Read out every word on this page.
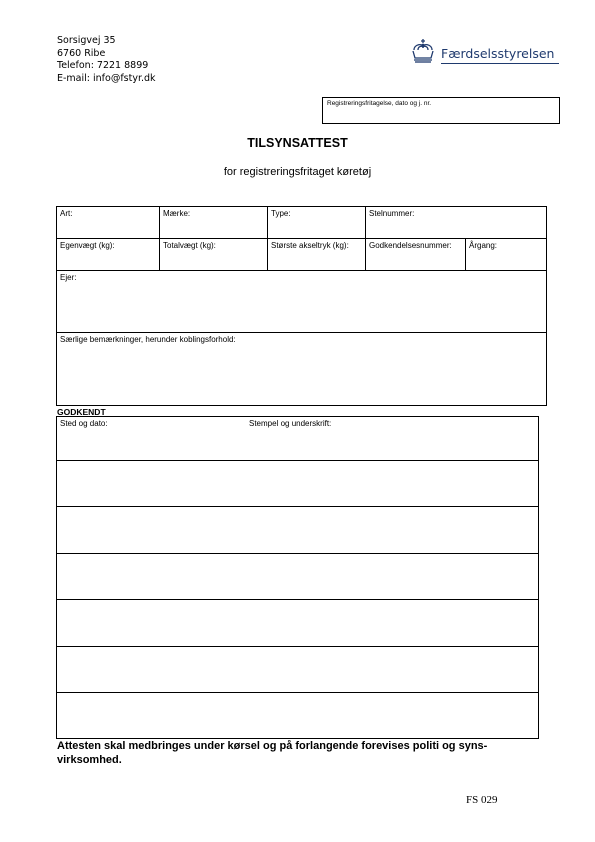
Sorsigvej 35
6760 Ribe
Telefon: 7221 8899
E-mail: info@fstyr.dk
Færdselsstyrelsen
Registreringsfritagelse, dato og j. nr.
TILSYNSATTEST
for registreringsfritaget køretøj
Art:	Mærke:	Type:	Stelnummer:
Egenvægt (kg):	Totalvægt (kg):	Største akseltryk (kg):	Godkendelsesnummer: Årgang:
Ejer:
Særlige bemærkninger, herunder koblingsforhold:
GODKENDT
Sted og dato:	Stempel og underskrift:
Attesten skal medbringes under kørsel og på forlangende forevises politi og syns-virksomhed.
FS 029
